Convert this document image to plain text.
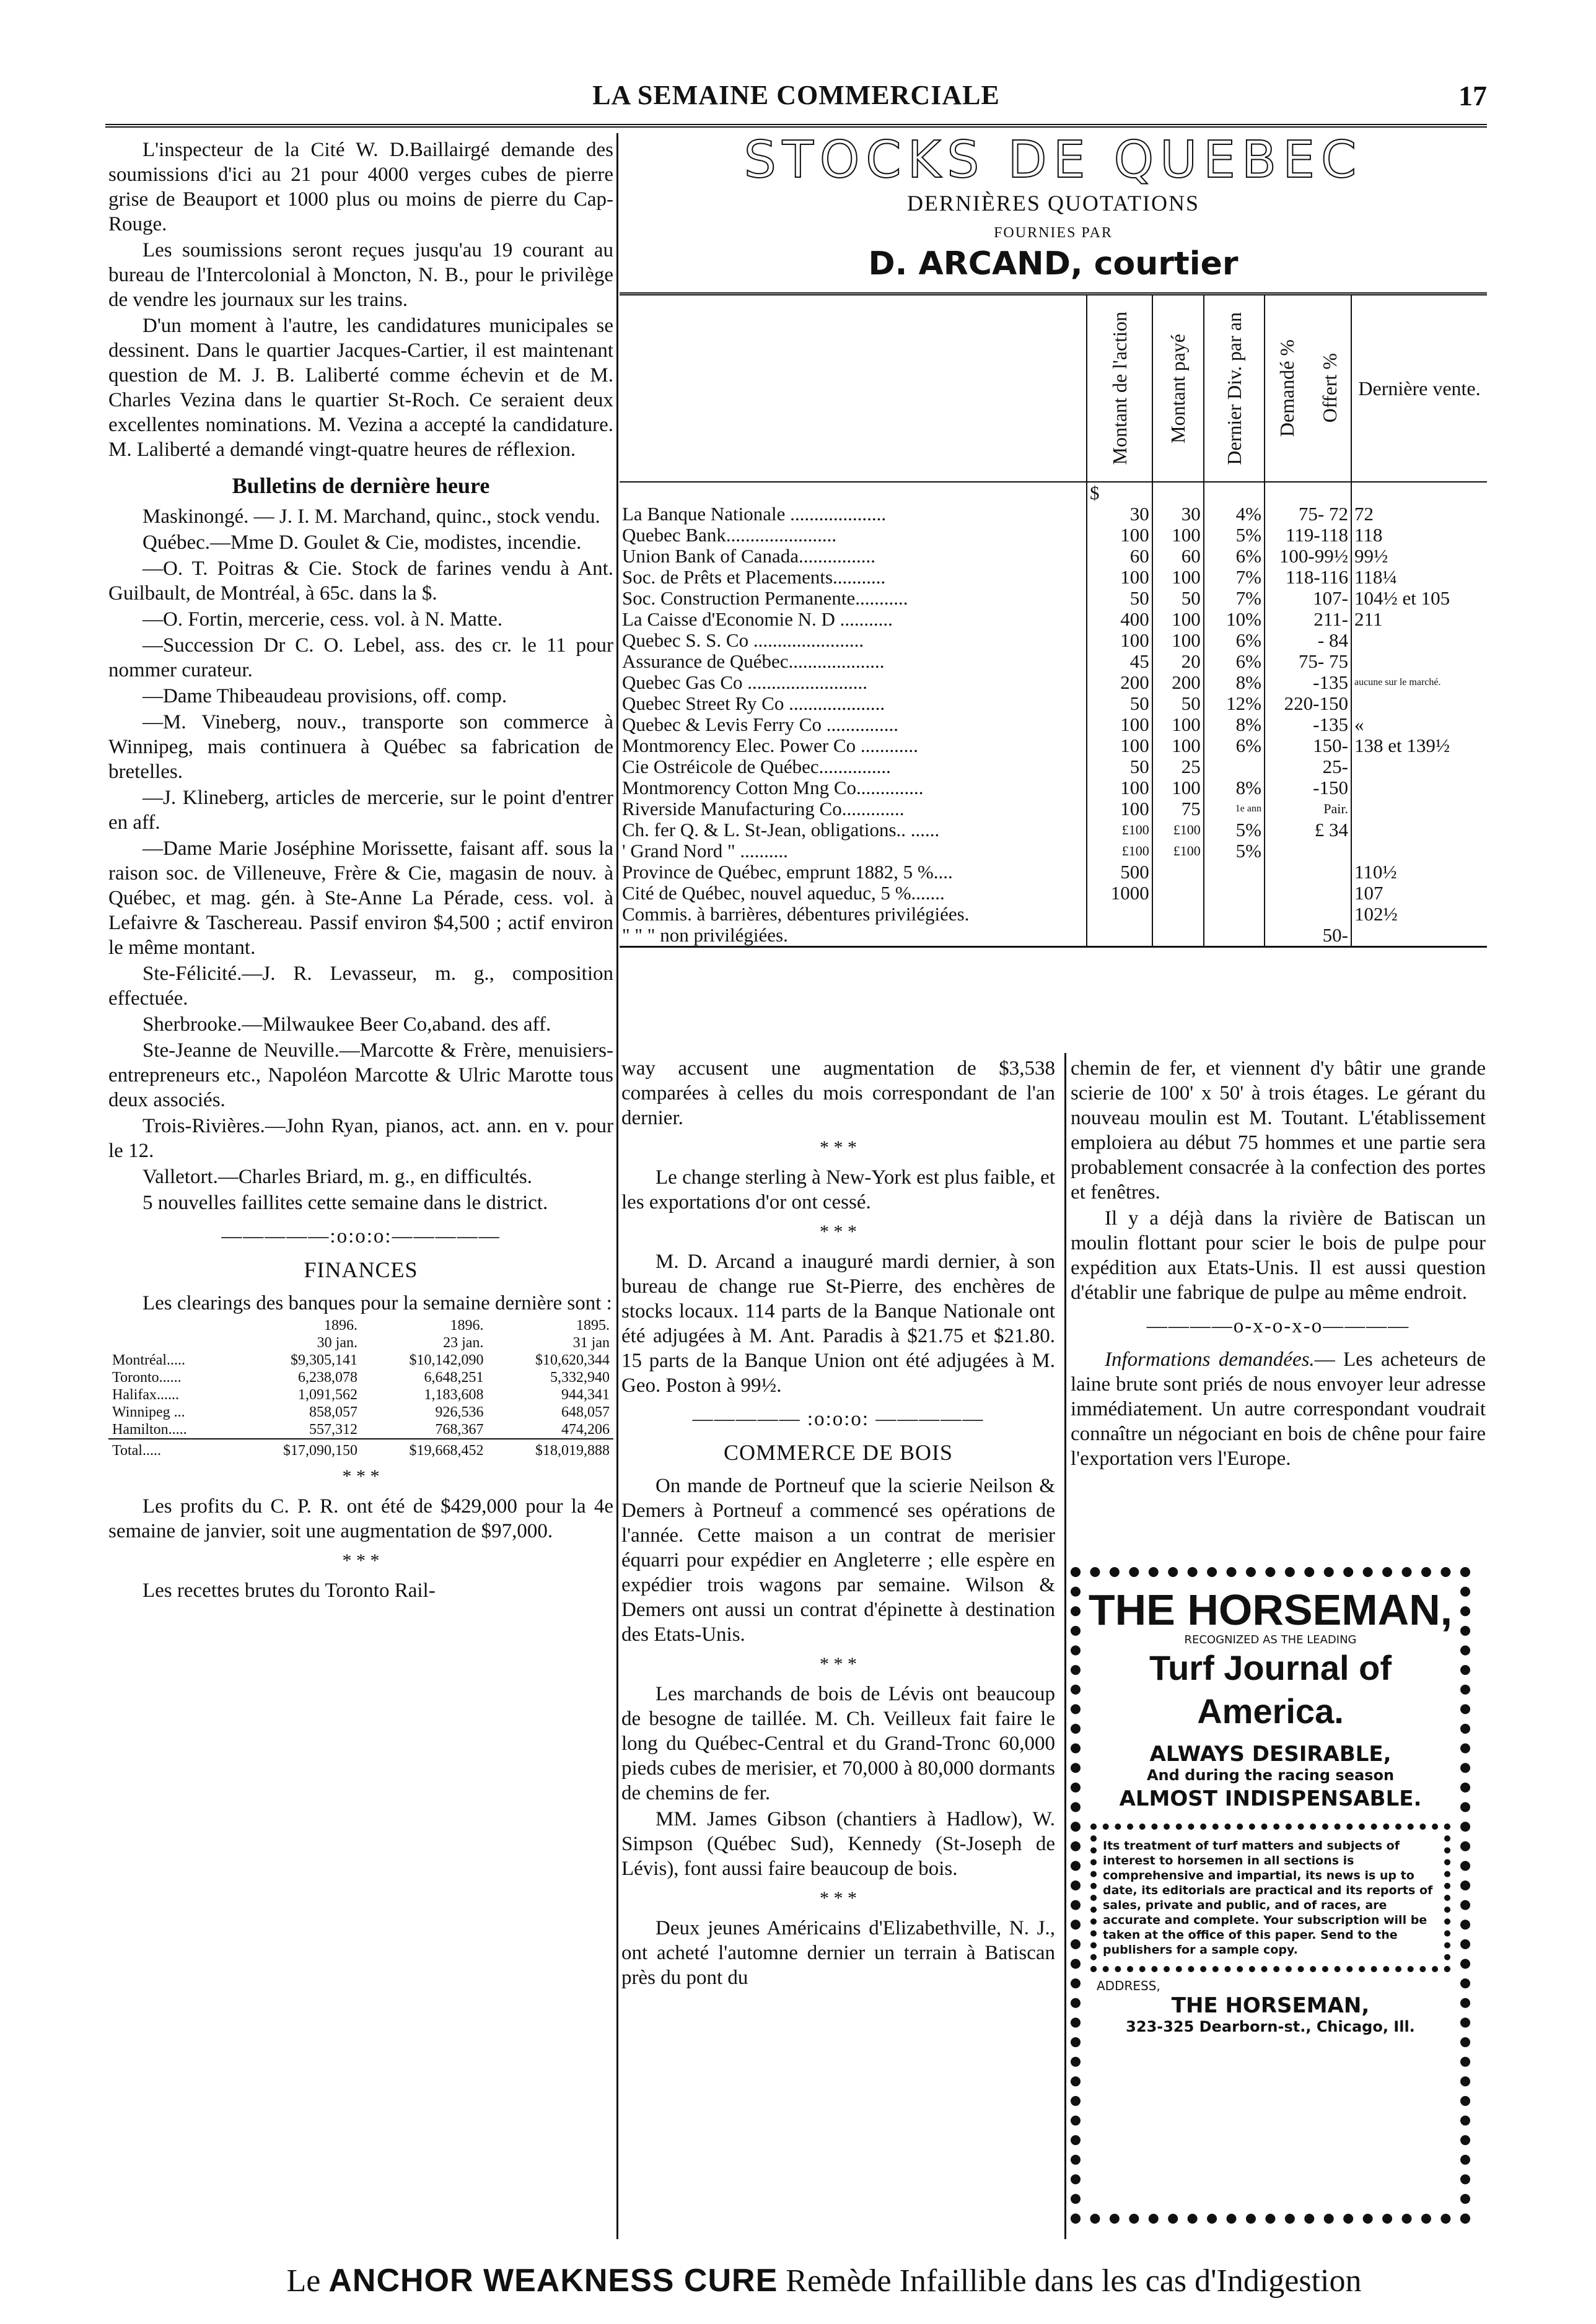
LA SEMAINE COMMERCIALE	17

L'inspecteur de la Cité W. D.Baillairgé demande des soumissions d'ici au 21 pour 4000 verges cubes de pierre grise de Beauport et 1000 plus ou moins de pierre du Cap-Rouge.

Les soumissions seront reçues jusqu'au 19 courant au bureau de l'Intercolonial à Moncton, N. B., pour le privilège de vendre les journaux sur les trains.

D'un moment à l'autre, les candidatures municipales se dessinent. Dans le quartier Jacques-Cartier, il est maintenant question de M. J. B. Laliberté comme échevin et de M. Charles Vezina dans le quartier St-Roch. Ce seraient deux excellentes nominations. M. Vezina a accepté la candidature. M. Laliberté a demandé vingt-quatre heures de réflexion.

Bulletins de dernière heure

Maskinongé. — J. I. M. Marchand, quinc., stock vendu.

Québec.—Mme D. Goulet & Cie, modistes, incendie.

—O. T. Poitras & Cie. Stock de farines vendu à Ant. Guilbault, de Montréal, à 65c. dans la $.

—O. Fortin, mercerie, cess. vol. à N. Matte.

—Succession Dr C. O. Lebel, ass. des cr. le 11 pour nommer curateur.

—Dame Thibeaudeau provisions, off. comp.

—M. Vineberg, nouv., transporte son commerce à Winnipeg, mais continuera à Québec sa fabrication de bretelles.

—J. Klineberg, articles de mercerie, sur le point d'entrer en aff.

—Dame Marie Joséphine Morissette, faisant aff. sous la raison soc. de Villeneuve, Frère & Cie, magasin de nouv. à Québec, et mag. gén. à Ste-Anne La Pérade, cess. vol. à Lefaivre & Taschereau. Passif environ $4,500 ; actif environ le même montant.

Ste-Félicité.—J. R. Levasseur, m. g., composition effectuée.

Sherbrooke.—Milwaukee Beer Co,aband. des aff.

Ste-Jeanne de Neuville.—Marcotte & Frère, menuisiers-entrepreneurs etc., Napoléon Marcotte & Ulric Marotte tous deux associés.

Trois-Rivières.—John Ryan, pianos, act. ann. en v. pour le 12.

Valletort.—Charles Briard, m. g., en difficultés.

5 nouvelles faillites cette semaine dans le district.

—————:o:o:o:—————
FINANCES

Les clearings des banques pour la semaine dernière sont :

	1896.	1896.	1895.
	30 jan.	23 jan.	31 jan
Montréal.....	$9,305,141	$10,142,090	$10,620,344
Toronto......	6,238,078	6,648,251	5,332,940
Halifax......	1,091,562	1,183,608	944,341
Winnipeg ...	858,057	926,536	648,057
Hamilton.....	557,312	768,367	474,206
Total.....	$17,090,150	$19,668,452	$18,019,888
* * *

Les profits du C. P. R. ont été de $429,000 pour la 4e semaine de janvier, soit une augmentation de $97,000.

* * *

Les recettes brutes du Toronto Rail-

STOCKS DE QUEBEC
DERNIÈRES QUOTATIONS
FOURNIES PAR
D. ARCAND, courtier

	Montant de l'action	Montant payé	Dernier Div. par an	Demandé % Offert %	Dernière vente.

	$				
La Banque Nationale ....................	30	30	4%	75- 72	72
Quebec Bank.......................	100	100	5%	119-118	118
Union Bank of Canada................	60	60	6%	100-99½	99½
Soc. de Prêts et Placements...........	100	100	7%	118-116	118¼
Soc. Construction Permanente...........	50	50	7%	107-	104½ et 105
La Caisse d'Economie N. D ...........	400	100	10%	211-	211
Quebec S. S. Co .......................	100	100	6%	- 84	
Assurance de Québec....................	45	20	6%	75- 75	
Quebec Gas Co .........................	200	200	8%	-135	aucune sur le marché.
Quebec Street Ry Co ....................	50	50	12%	220-150	
Quebec & Levis Ferry Co ...............	100	100	8%	-135	«
Montmorency Elec. Power Co ............	100	100	6%	150-	138 et 139½
Cie Ostréicole de Québec...............	50	25		25-	
Montmorency Cotton Mng Co..............	100	100	8%	-150	
Riverside Manufacturing Co.............	100	75	1e ann	Pair.	
Ch. fer Q. & L. St-Jean, obligations.. ......	£100	£100	5%	£ 34	
' Grand Nord " ..........	£100	£100	5%		
Province de Québec, emprunt 1882, 5 %....	500				110½
Cité de Québec, nouvel aqueduc, 5 %.......	1000				107
Commis. à barrières, débentures privilégiées.					102½
" " " non privilégiées.				50-	

way accusent une augmentation de $3,538 comparées à celles du mois correspondant de l'an dernier.

* * *

Le change sterling à New-York est plus faible, et les exportations d'or ont cessé.

* * *

M. D. Arcand a inauguré mardi dernier, à son bureau de change rue St-Pierre, des enchères de stocks locaux. 114 parts de la Banque Nationale ont été adjugées à M. Ant. Paradis à $21.75 et $21.80. 15 parts de la Banque Union ont été adjugées à M. Geo. Poston à 99½.

————— :o:o:o: —————
COMMERCE DE BOIS

On mande de Portneuf que la scierie Neilson & Demers à Portneuf a commencé ses opérations de l'année. Cette maison a un contrat de merisier équarri pour expédier en Angleterre ; elle espère en expédier trois wagons par semaine. Wilson & Demers ont aussi un contrat d'épinette à destination des Etats-Unis.

* * *

Les marchands de bois de Lévis ont beaucoup de besogne de taillée. M. Ch. Veilleux fait faire le long du Québec-Central et du Grand-Tronc 60,000 pieds cubes de merisier, et 70,000 à 80,000 dormants de chemins de fer.

MM. James Gibson (chantiers à Hadlow), W. Simpson (Québec Sud), Kennedy (St-Joseph de Lévis), font aussi faire beaucoup de bois.

* * *

Deux jeunes Américains d'Elizabethville, N. J., ont acheté l'automne dernier un terrain à Batiscan près du pont du

chemin de fer, et viennent d'y bâtir une grande scierie de 100' x 50' à trois étages. Le gérant du nouveau moulin est M. Toutant. L'établissement emploiera au début 75 hommes et une partie sera probablement consacrée à la confection des portes et fenêtres.

Il y a déjà dans la rivière de Batiscan un moulin flottant pour scier le bois de pulpe pour expédition aux Etats-Unis. Il est aussi question d'établir une fabrique de pulpe au même endroit.

————o-x-o-x-o————

Informations demandées.— Les acheteurs de laine brute sont priés de nous envoyer leur adresse immédiatement. Un autre correspondant voudrait connaître un négociant en bois de chêne pour faire l'exportation vers l'Europe.

THE HORSEMAN,
RECOGNIZED AS THE LEADING
Turf Journal of America.
ALWAYS DESIRABLE,
And during the racing season
ALMOST INDISPENSABLE.
Its treatment of turf matters and subjects of interest to horsemen in all sections is comprehensive and impartial, its news is up to date, its editorials are practical and its reports of sales, private and public, and of races, are accurate and complete. Your subscription will be taken at the office of this paper. Send to the publishers for a sample copy.
ADDRESS,
THE HORSEMAN,
323-325 Dearborn-st., Chicago, Ill.
Le ANCHOR WEAKNESS CURE Remède Infaillible dans les cas d'Indigestion
